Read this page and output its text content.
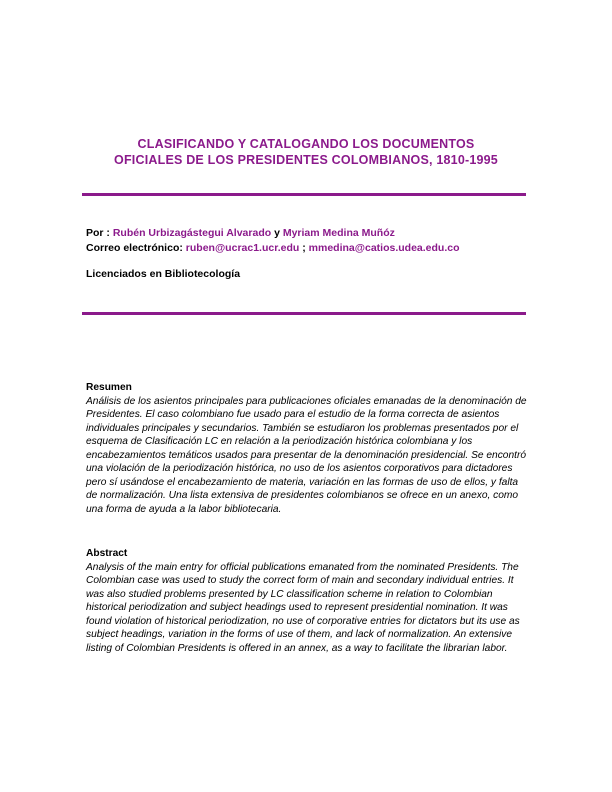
CLASIFICANDO Y CATALOGANDO LOS DOCUMENTOS
OFICIALES DE LOS PRESIDENTES COLOMBIANOS, 1810-1995
Por : Rubén Urbizagástegui Alvarado y Myriam Medina Muñóz
Correo electrónico: ruben@ucrac1.ucr.edu ; mmedina@catios.udea.edu.co
Licenciados en Bibliotecología
Resumen
Análisis de los asientos principales para publicaciones oficiales emanadas de la denominación de Presidentes. El caso colombiano fue usado para el estudio de la forma correcta de asientos individuales principales y secundarios. También se estudiaron los problemas presentados por el esquema de Clasificación LC en relación a la periodización histórica colombiana y los encabezamientos temáticos usados para presentar de la denominación presidencial. Se encontró una violación de la periodización histórica, no uso de los asientos corporativos para dictadores pero sí usándose el encabezamiento de materia, variación en las formas de uso de ellos, y falta de normalización. Una lista extensiva de presidentes colombianos se ofrece en un anexo, como una forma de ayuda a la labor bibliotecaria.
Abstract
Analysis of the main entry for official publications emanated from the nominated Presidents. The Colombian case was used to study the correct form of main and secondary individual entries. It was also studied problems presented by LC classification scheme in relation to Colombian historical periodization and subject headings used to represent presidential nomination. It was found violation of historical periodization, no use of corporative entries for dictators but its use as subject headings, variation in the forms of use of them, and lack of normalization. An extensive listing of Colombian Presidents is offered in an annex, as a way to facilitate the librarian labor.
